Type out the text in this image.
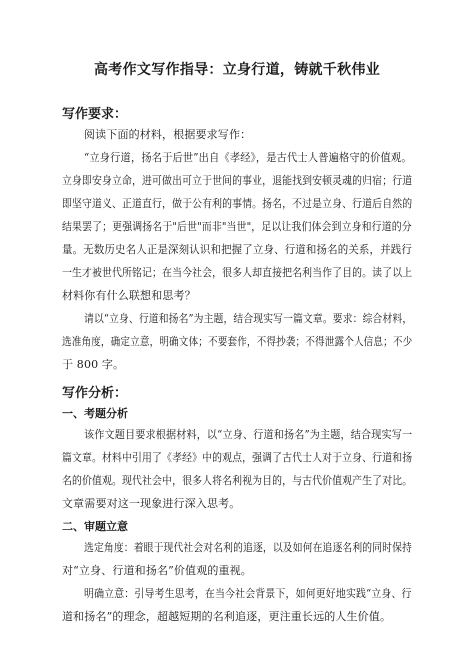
高考作文写作指导：立身行道，铸就千秋伟业
写作要求：
阅读下面的材料，根据要求写作：
“立身行道，扬名于后世”出自《孝经》，是古代士人普遍格守的价值观。
立身即安身立命，进可做出可立于世间的事业，退能找到安顿灵魂的归宿；行道
即坚守道义、正道直行，做于公有利的事情。扬名，不过是立身、行道后自然的
结果罢了；更强调扬名于"后世"而非"当世"，足以让我们体会到立身和行道的分
量。无数历史名人正是深刻认识和把握了立身、行道和扬名的关系，并践行
一生才被世代所铭记；在当今社会，很多人却直接把名利当作了目的。读了以上
材料你有什么联想和思考？
请以“立身、行道和扬名”为主题，结合现实写一篇文章。要求：综合材料，
选准角度，确定立意，明确文体；不要套作，不得抄袭；不得泄露个人信息；不少
于 800 字。
写作分析：
一、考题分析
该作文题目要求根据材料，以“立身、行道和扬名”为主题，结合现实写一
篇文章。材料中引用了《孝经》中的观点，强调了古代士人对于立身、行道和扬
名的价值观。现代社会中，很多人将名利视为目的，与古代价值观产生了对比。
文章需要对这一现象进行深入思考。
二、审题立意
选定角度：着眼于现代社会对名利的追逐，以及如何在追逐名利的同时保持
对“立身、行道和扬名”价值观的重视。
明确立意：引导考生思考，在当今社会背景下，如何更好地实践“立身、行
道和扬名”的理念，超越短期的名利追逐，更注重长远的人生价值。
